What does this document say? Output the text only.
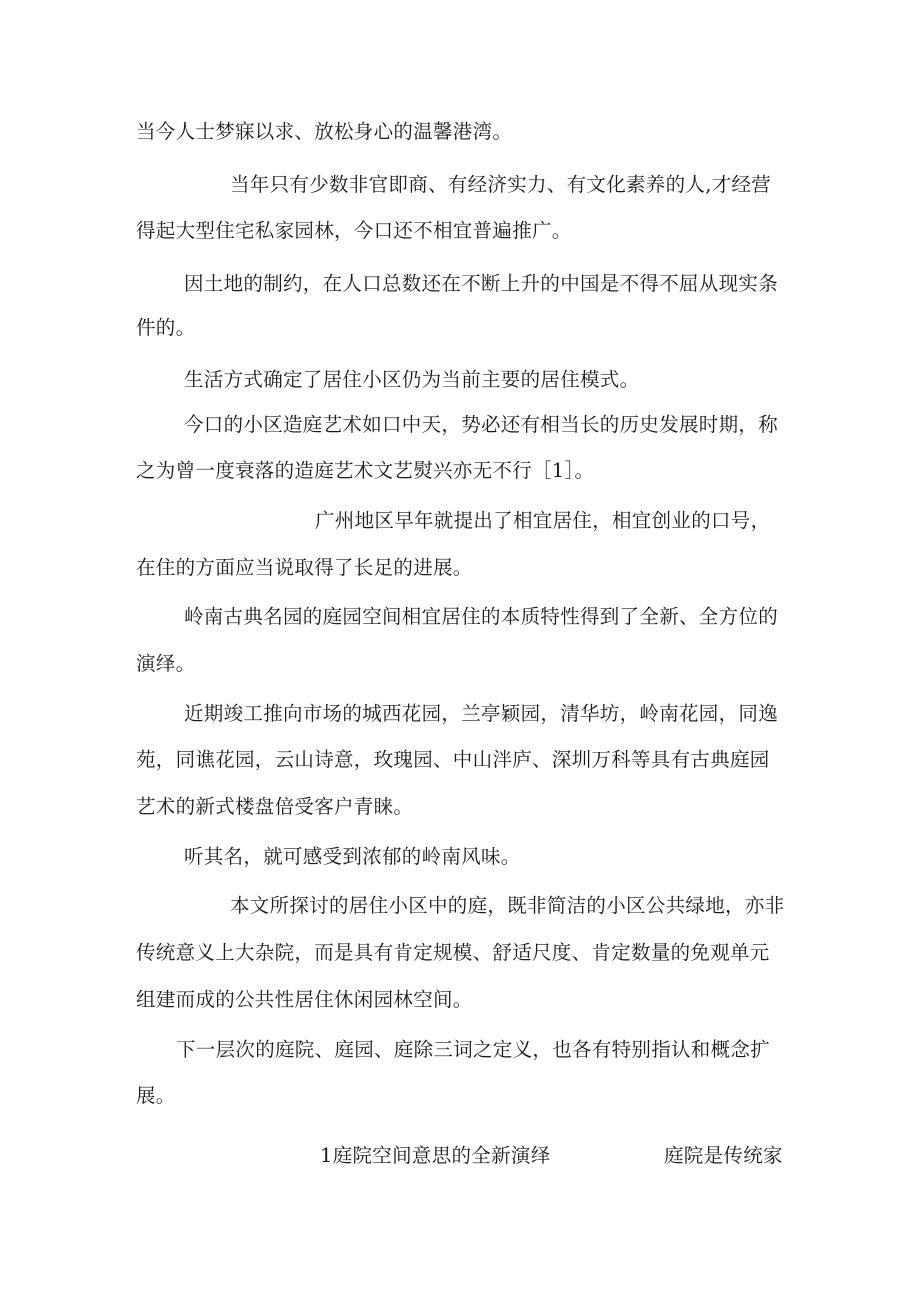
当今人士梦寐以求、放松身心的温馨港湾。
当年只有少数非官即商、有经济实力、有文化素养的人,才经营
得起大型住宅私家园林，今口还不相宜普遍推广。
因土地的制约，在人口总数还在不断上升的中国是不得不屈从现实条
件的。
生活方式确定了居住小区仍为当前主要的居住模式。
今口的小区造庭艺术如口中天，势必还有相当长的历史发展时期，称
之为曾一度衰落的造庭艺术文艺熨兴亦无不行［1］。
广州地区早年就提出了相宜居住，相宜创业的口号，
在住的方面应当说取得了长足的进展。
岭南古典名园的庭园空间相宜居住的本质特性得到了全新、全方位的
演绎。
近期竣工推向市场的城西花园，兰亭颖园，清华坊，岭南花园，同逸
苑，同谯花园，云山诗意，玫瑰园、中山泮庐、深圳万科等具有古典庭园
艺术的新式楼盘倍受客户青睐。
听其名，就可感受到浓郁的岭南风味。
本文所探讨的居住小区中的庭，既非简洁的小区公共绿地，亦非
传统意义上大杂院，而是具有肯定规模、舒适尺度、肯定数量的免观单元
组建而成的公共性居住休闲园林空间。
下一层次的庭院、庭园、庭除三词之定义，也各有特别指认和概念扩
展。
1庭院空间意思的全新演绎	庭院是传统家
